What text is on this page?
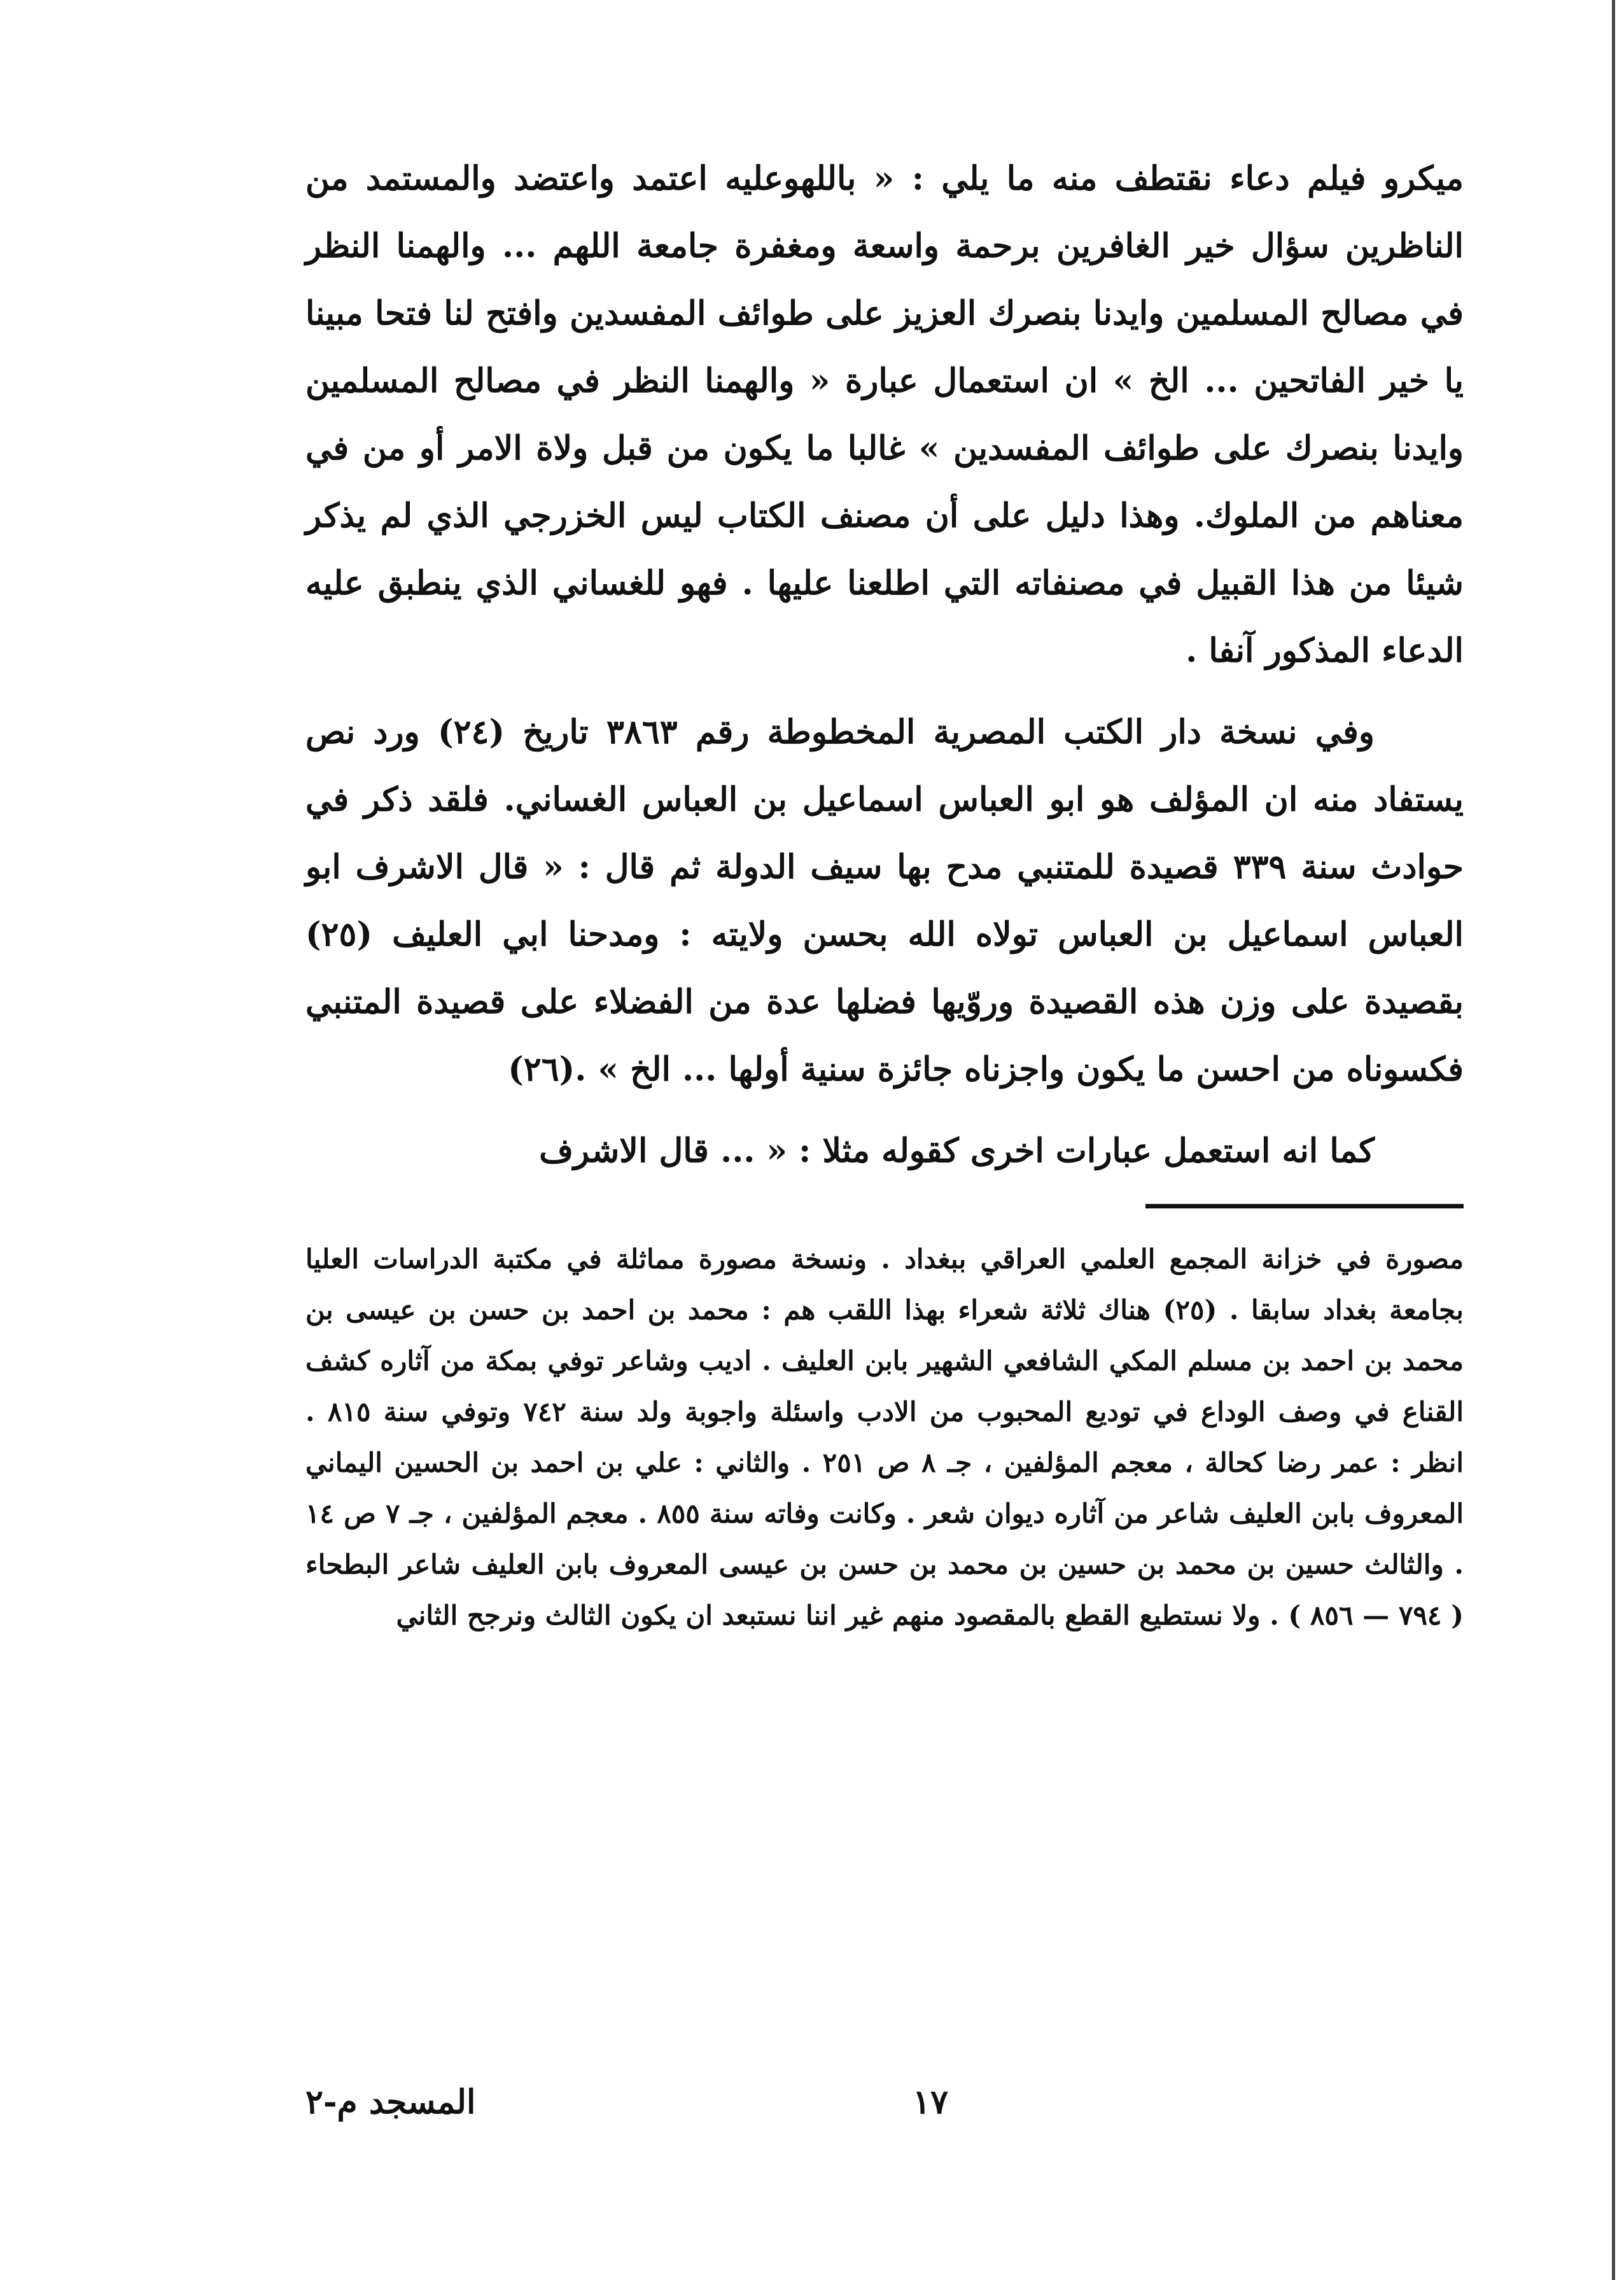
ميكرو فيلم دعاء نقتطف منه ما يلي : « باللهوعليه اعتمد واعتضد والمستمد من الناظرين سؤال خير الغافرين برحمة واسعة ومغفرة جامعة اللهم ... والهمنا النظر في مصالح المسلمين وايدنا بنصرك العزيز على طوائف المفسدين وافتح لنا فتحا مبينا يا خير الفاتحين ... الخ » ان استعمال عبارة « والهمنا النظر في مصالح المسلمين وايدنا بنصرك على طوائف المفسدين » غالبا ما يكون من قبل ولاة الامر أو من في معناهم من الملوك. وهذا دليل على أن مصنف الكتاب ليس الخزرجي الذي لم يذكر شيئا من هذا القبيل في مصنفاته التي اطلعنا عليها . فهو للغساني الذي ينطبق عليه الدعاء المذكور آنفا .

وفي نسخة دار الكتب المصرية المخطوطة رقم ٣٨٦٣ تاريخ (٢٤) ورد نص يستفاد منه ان المؤلف هو ابو العباس اسماعيل بن العباس الغساني. فلقد ذكر في حوادث سنة ٣٣٩ قصيدة للمتنبي مدح بها سيف الدولة ثم قال : « قال الاشرف ابو العباس اسماعيل بن العباس تولاه الله بحسن ولايته : ومدحنا ابي العليف (٢٥) بقصيدة على وزن هذه القصيدة وروّيها فضلها عدة من الفضلاء على قصيدة المتنبي فكسوناه من احسن ما يكون واجزناه جائزة سنية أولها ... الخ » .(٢٦)

كما انه استعمل عبارات اخرى كقوله مثلا : « ... قال الاشرف

مصورة في خزانة المجمع العلمي العراقي ببغداد . ونسخة مصورة مماثلة في مكتبة الدراسات العليا بجامعة بغداد سابقا . (٢٥) هناك ثلاثة شعراء بهذا اللقب هم : محمد بن احمد بن حسن بن عيسى بن محمد بن احمد بن مسلم المكي الشافعي الشهير بابن العليف . اديب وشاعر توفي بمكة من آثاره كشف القناع في وصف الوداع في توديع المحبوب من الادب واسئلة واجوبة ولد سنة ٧٤٢ وتوفي سنة ٨١٥ . انظر : عمر رضا كحالة ، معجم المؤلفين ، جـ ٨ ص ٢٥١ . والثاني : علي بن احمد بن الحسين اليماني المعروف بابن العليف شاعر من آثاره ديوان شعر . وكانت وفاته سنة ٨٥٥ . معجم المؤلفين ، جـ ٧ ص ١٤ . والثالث حسين بن محمد بن حسين بن محمد بن حسن بن عيسى المعروف بابن العليف شاعر البطحاء ( ٧٩٤ — ٨٥٦ ) . ولا نستطيع القطع بالمقصود منهم غير اننا نستبعد ان يكون الثالث ونرجح الثاني
١٧
المسجد م-٢
